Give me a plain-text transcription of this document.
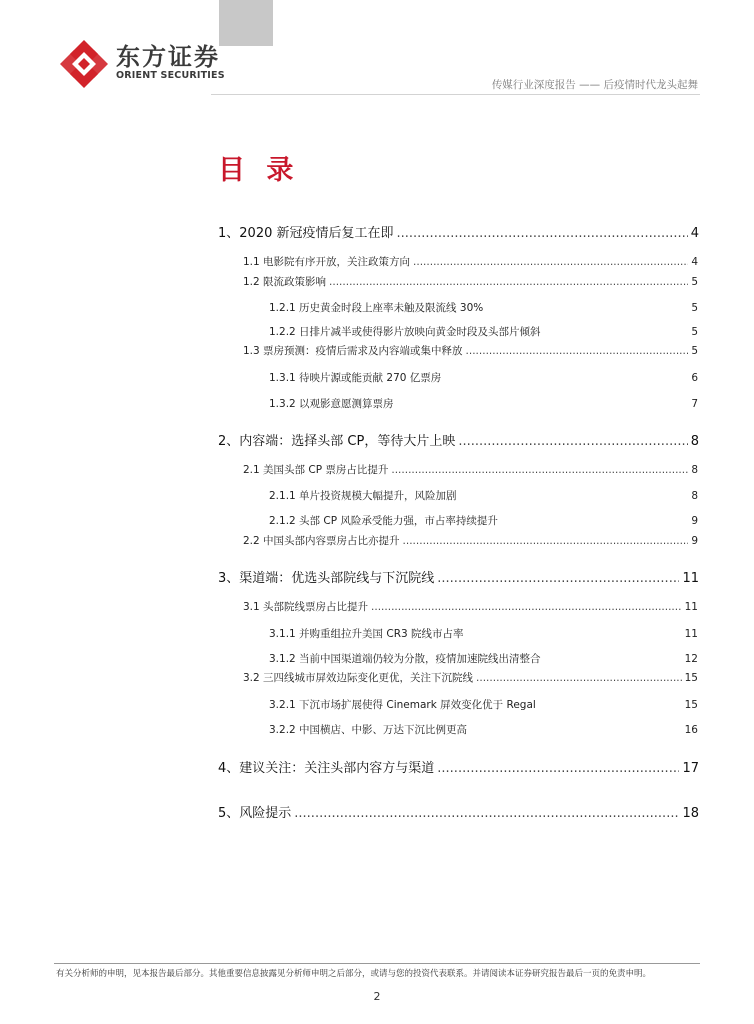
东方证券
ORIENT SECURITIES
传媒行业深度报告 —— 后疫情时代龙头起舞
目 录
1、2020 新冠疫情后复工在即 .....	4
1.1 电影院有序开放，关注政策方向 .....	4
1.2 限流政策影响 .....	5
1.2.1 历史黄金时段上座率未触及限流线 30%	5
1.2.2 日排片减半或使得影片放映向黄金时段及头部片倾斜	5
1.3 票房预测：疫情后需求及内容端或集中释放 .....	5
1.3.1 待映片源或能贡献 270 亿票房	6
1.3.2 以观影意愿测算票房	7
2、内容端：选择头部 CP，等待大片上映 .....	8
2.1 美国头部 CP 票房占比提升 .....	8
2.1.1 单片投资规模大幅提升，风险加剧	8
2.1.2 头部 CP 风险承受能力强，市占率持续提升	9
2.2 中国头部内容票房占比亦提升 .....	9
3、渠道端：优选头部院线与下沉院线 .....	11
3.1 头部院线票房占比提升 .....	11
3.1.1 并购重组拉升美国 CR3 院线市占率	11
3.1.2 当前中国渠道端仍较为分散，疫情加速院线出清整合	12
3.2 三四线城市屏效边际变化更优，关注下沉院线 .....	15
3.2.1 下沉市场扩展使得 Cinemark 屏效变化优于 Regal	15
3.2.2 中国横店、中影、万达下沉比例更高	16
4、建议关注：关注头部内容方与渠道 .....	17
5、风险提示 .....	18
有关分析师的申明，见本报告最后部分。其他重要信息披露见分析师申明之后部分，或请与您的投资代表联系。并请阅读本证券研究报告最后一页的免责申明。
2
